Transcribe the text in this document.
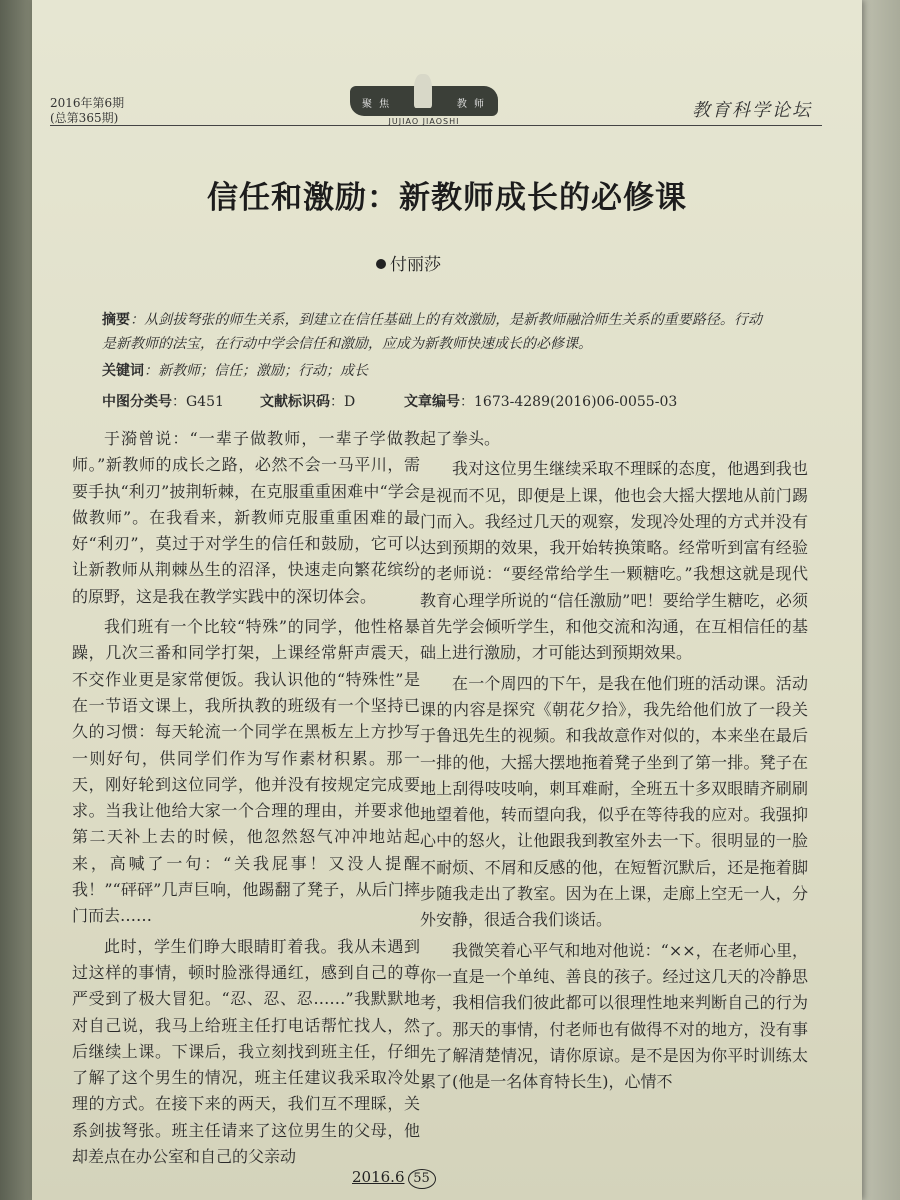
2016年第6期
(总第365期)
聚 焦	教 师
JUJIAO JIAOSHI
教育科学论坛
信任和激励：新教师成长的必修课
付丽莎
摘要：从剑拔弩张的师生关系，到建立在信任基础上的有效激励，是新教师融洽师生关系的重要路径。行动是新教师的法宝，在行动中学会信任和激励，应成为新教师快速成长的必修课。
关键词：新教师；信任；激励；行动；成长
中图分类号：G451	文献标识码：D	文章编号：1673-4289(2016)06-0055-03

于漪曾说：“一辈子做教师，一辈子学做教师。”新教师的成长之路，必然不会一马平川，需要手执“利刃”披荆斩棘，在克服重重困难中“学会做教师”。在我看来，新教师克服重重困难的最好“利刃”，莫过于对学生的信任和鼓励，它可以让新教师从荆棘丛生的沼泽，快速走向繁花缤纷的原野，这是我在教学实践中的深切体会。

我们班有一个比较“特殊”的同学，他性格暴躁，几次三番和同学打架，上课经常鼾声震天，不交作业更是家常便饭。我认识他的“特殊性”是在一节语文课上，我所执教的班级有一个坚持已久的习惯：每天轮流一个同学在黑板左上方抄写一则好句，供同学们作为写作素材积累。那一天，刚好轮到这位同学，他并没有按规定完成要求。当我让他给大家一个合理的理由，并要求他第二天补上去的时候，他忽然怒气冲冲地站起来，高喊了一句：“关我屁事！又没人提醒我！”“砰砰”几声巨响，他踢翻了凳子，从后门摔门而去……

此时，学生们睁大眼睛盯着我。我从未遇到过这样的事情，顿时脸涨得通红，感到自己的尊严受到了极大冒犯。“忍、忍、忍……”我默默地对自己说，我马上给班主任打电话帮忙找人，然后继续上课。下课后，我立刻找到班主任，仔细了解了这个男生的情况，班主任建议我采取冷处理的方式。在接下来的两天，我们互不理睬，关系剑拔弩张。班主任请来了这位男生的父母，他却差点在办公室和自己的父亲动

起了拳头。

我对这位男生继续采取不理睬的态度，他遇到我也是视而不见，即便是上课，他也会大摇大摆地从前门踢门而入。我经过几天的观察，发现冷处理的方式并没有达到预期的效果，我开始转换策略。经常听到富有经验的老师说：“要经常给学生一颗糖吃。”我想这就是现代教育心理学所说的“信任激励”吧！要给学生糖吃，必须首先学会倾听学生，和他交流和沟通，在互相信任的基础上进行激励，才可能达到预期效果。

在一个周四的下午，是我在他们班的活动课。活动课的内容是探究《朝花夕拾》，我先给他们放了一段关于鲁迅先生的视频。和我故意作对似的，本来坐在最后一排的他，大摇大摆地拖着凳子坐到了第一排。凳子在地上刮得吱吱响，刺耳难耐，全班五十多双眼睛齐刷刷地望着他，转而望向我，似乎在等待我的应对。我强抑心中的怒火，让他跟我到教室外去一下。很明显的一脸不耐烦、不屑和反感的他，在短暂沉默后，还是拖着脚步随我走出了教室。因为在上课，走廊上空无一人，分外安静，很适合我们谈话。

我微笑着心平气和地对他说：“××，在老师心里，你一直是一个单纯、善良的孩子。经过这几天的冷静思考，我相信我们彼此都可以很理性地来判断自己的行为了。那天的事情，付老师也有做得不对的地方，没有事先了解清楚情况，请你原谅。是不是因为你平时训练太累了(他是一名体育特长生)，心情不

2016.6 55
